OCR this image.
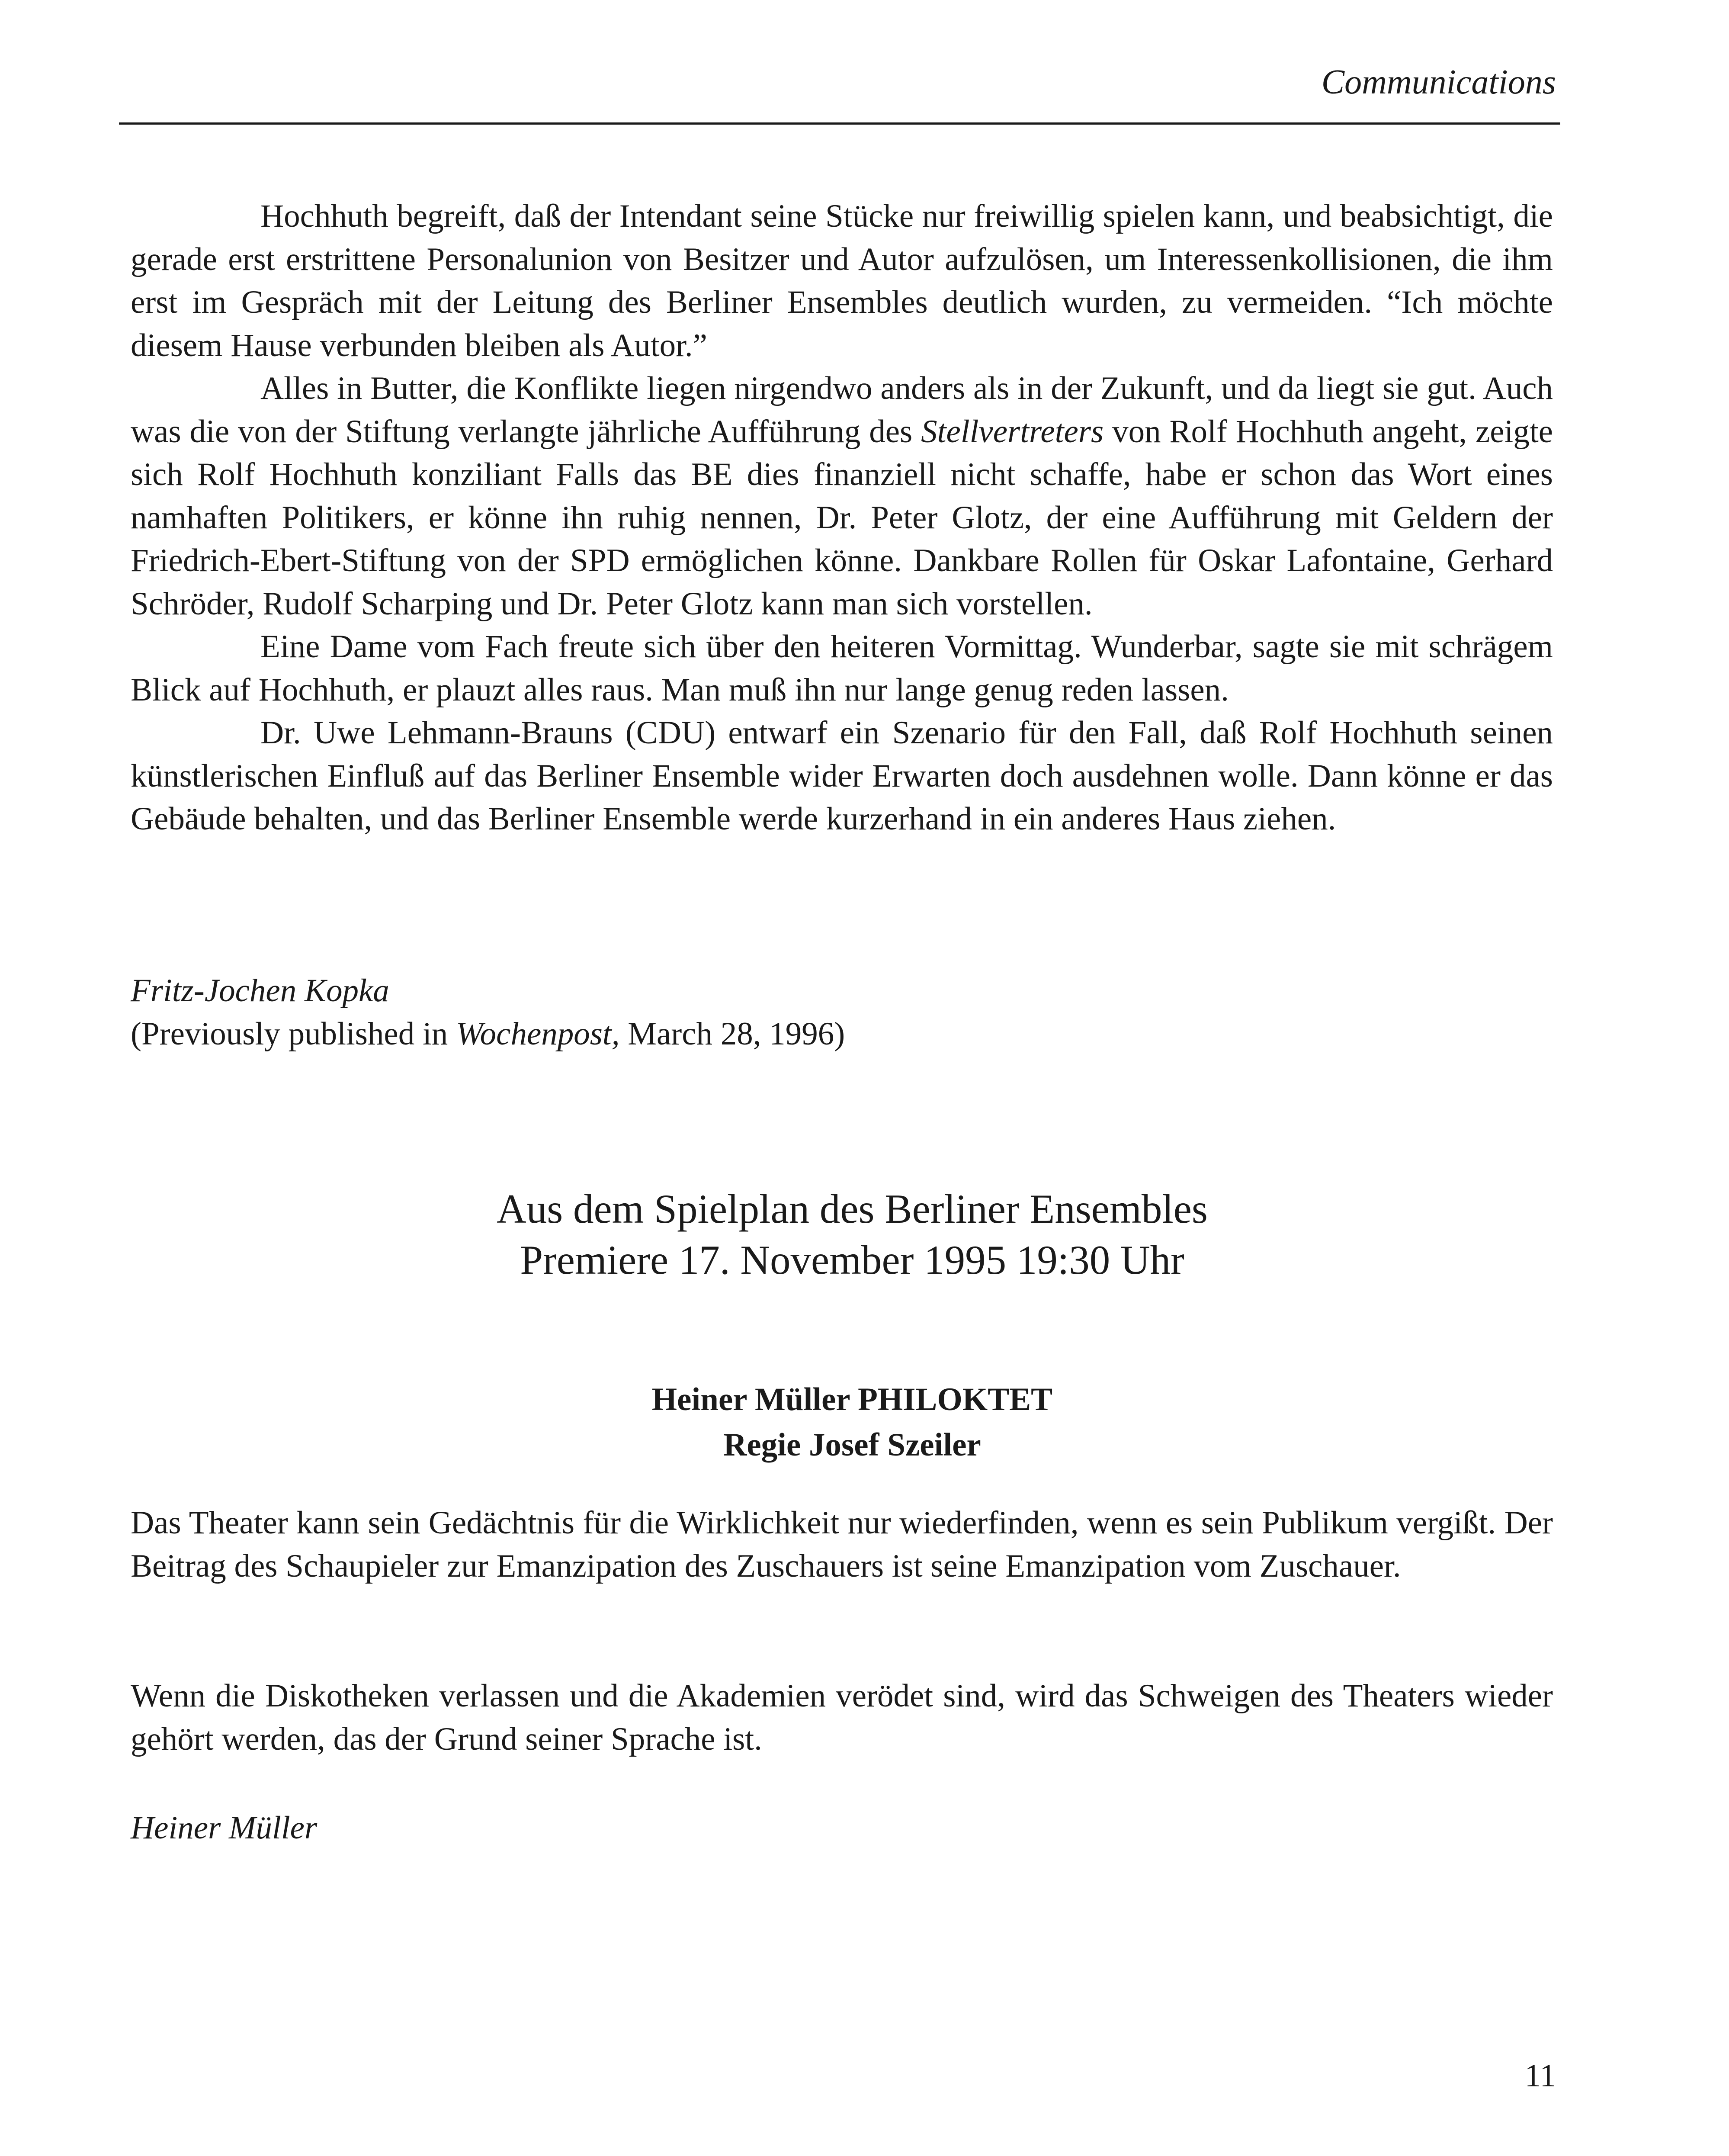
Communications

Hochhuth begreift, daß der Intendant seine Stücke nur freiwillig spielen kann, und beabsichtigt, die gerade erst erstrittene Personalunion von Besitzer und Autor aufzulösen, um Interessenkollisionen, die ihm erst im Gespräch mit der Leitung des Berliner Ensembles deutlich wurden, zu vermeiden. “Ich möchte diesem Hause verbunden bleiben als Autor.”

Alles in Butter, die Konflikte liegen nirgendwo anders als in der Zukunft, und da liegt sie gut. Auch was die von der Stiftung verlangte jährliche Aufführung des Stellvertreters von Rolf Hochhuth angeht, zeigte sich Rolf Hochhuth konziliant Falls das BE dies finanziell nicht schaffe, habe er schon das Wort eines namhaften Politikers, er könne ihn ruhig nennen, Dr. Peter Glotz, der eine Aufführung mit Geldern der Friedrich-Ebert-Stiftung von der SPD ermöglichen könne. Dankbare Rollen für Oskar Lafontaine, Gerhard Schröder, Rudolf Scharping und Dr. Peter Glotz kann man sich vorstellen.

Eine Dame vom Fach freute sich über den heiteren Vormittag. Wunderbar, sagte sie mit schrägem Blick auf Hochhuth, er plauzt alles raus. Man muß ihn nur lange genug reden lassen.

Dr. Uwe Lehmann-Brauns (CDU) entwarf ein Szenario für den Fall, daß Rolf Hochhuth seinen künstlerischen Einfluß auf das Berliner Ensemble wider Erwarten doch ausdehnen wolle. Dann könne er das Gebäude behalten, und das Berliner Ensemble werde kurzerhand in ein anderes Haus ziehen.

Fritz-Jochen Kopka
(Previously published in Wochenpost, March 28, 1996)
Aus dem Spielplan des Berliner Ensembles
Premiere 17. November 1995 19:30 Uhr
Heiner Müller PHILOKTET
Regie Josef Szeiler

Das Theater kann sein Gedächtnis für die Wirklichkeit nur wiederfinden, wenn es sein Publikum vergißt. Der Beitrag des Schaupieler zur Emanzipation des Zuschauers ist seine Emanzipation vom Zuschauer.

Wenn die Diskotheken verlassen und die Akademien verödet sind, wird das Schweigen des Theaters wieder gehört werden, das der Grund seiner Sprache ist.

Heiner Müller
11
